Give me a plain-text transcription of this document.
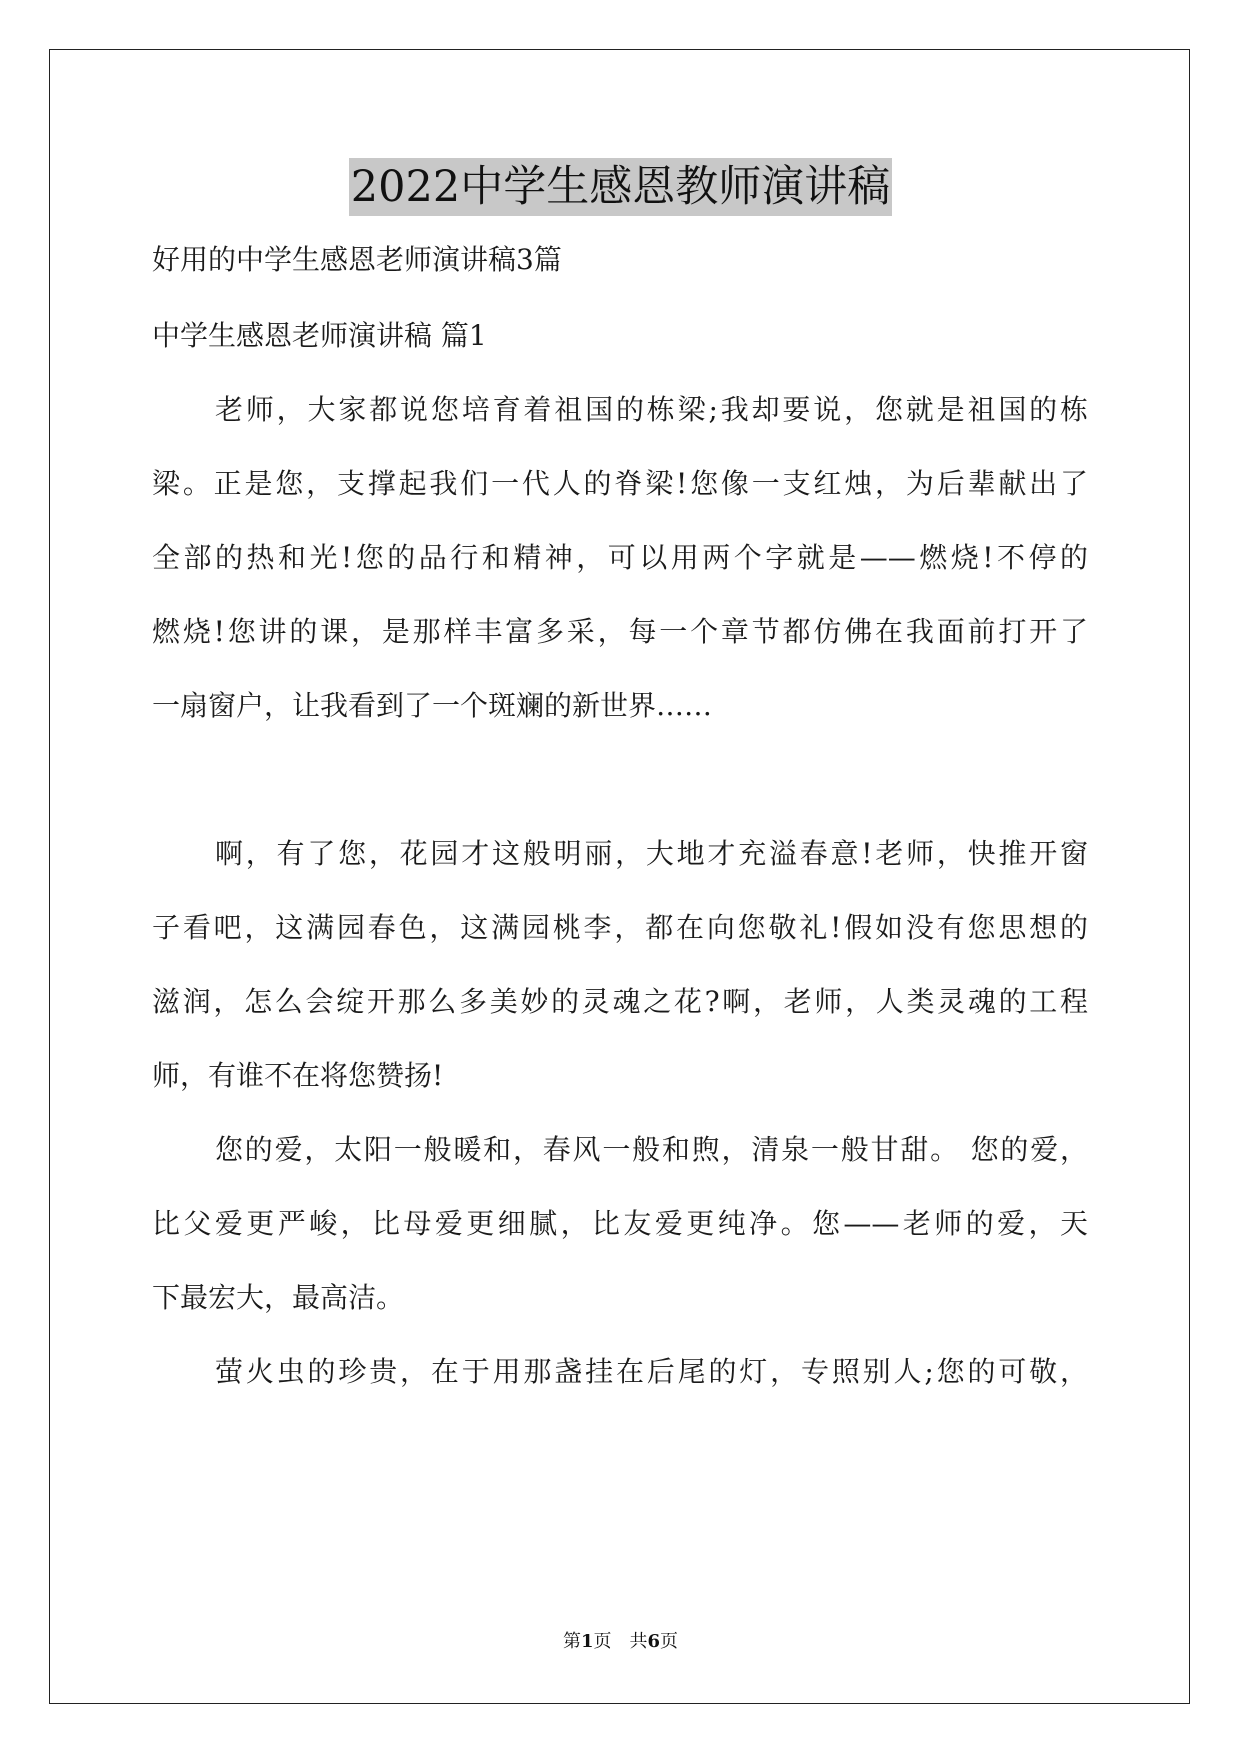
2022中学生感恩教师演讲稿
好用的中学生感恩老师演讲稿3篇
中学生感恩老师演讲稿 篇1
老师，大家都说您培育着祖国的栋梁;我却要说，您就是祖国的栋
梁。正是您，支撑起我们一代人的脊梁!您像一支红烛，为后辈献出了
全部的热和光!您的品行和精神，可以用两个字就是——燃烧!不停的
燃烧!您讲的课，是那样丰富多采，每一个章节都仿佛在我面前打开了
一扇窗户，让我看到了一个斑斓的新世界……
啊，有了您，花园才这般明丽，大地才充溢春意!老师，快推开窗
子看吧，这满园春色，这满园桃李，都在向您敬礼!假如没有您思想的
滋润，怎么会绽开那么多美妙的灵魂之花?啊，老师，人类灵魂的工程
师，有谁不在将您赞扬!
您的爱，太阳一般暖和，春风一般和煦，清泉一般甘甜。 您的爱，
比父爱更严峻，比母爱更细腻，比友爱更纯净。您——老师的爱，天
下最宏大，最高洁。
萤火虫的珍贵，在于用那盏挂在后尾的灯，专照别人;您的可敬，
第1页　共6页
